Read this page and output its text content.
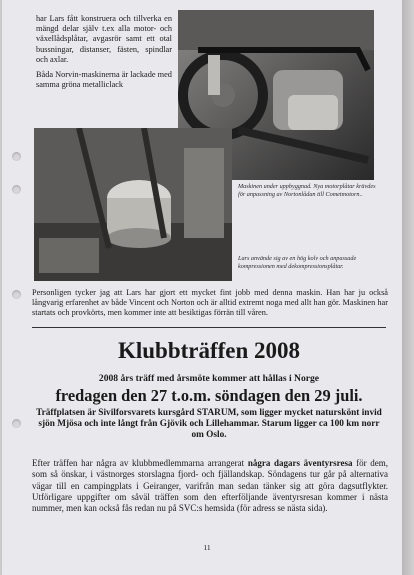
har Lars fått konstruera och tillverka en mängd delar själv t.ex alla motor- och växellådsplåtar, avgasrör samt ett otal bussningar, distanser, fästen, spindlar och axlar.
Båda Norvin-maskinerna är lackade med samma gröna metalliclack
Maskinen under uppbyggnad. Nya motorplåtar krävdes för anpassning av Nortonlådan till Cometmotorn..
Lars använde sig av en hög kolv och anpassade kompressionen med dekompressionsplåtar.
Personligen tycker jag att Lars har gjort ett mycket fint jobb med denna maskin. Han har ju också långvarig erfarenhet av både Vincent och Norton och är alltid extremt noga med allt han gör. Maskinen har startats och provkörts, men kommer inte att besiktigas förrän till våren.
Klubbträffen 2008
2008 års träff med årsmöte kommer att hållas i Norge
fredagen den 27 t.o.m. söndagen den 29 juli.
Träffplatsen är Sivilforsvarets kursgård STARUM, som ligger mycket naturskönt invid sjön Mjösa och inte långt från Gjövik och Lillehammar. Starum ligger ca 100 km norr om Oslo.
Efter träffen har några av klubbmedlemmarna arrangerat några dagars äventyrsresa för dem, som så önskar, i västnorges storslagna fjord- och fjällandskap. Söndagens tur går på alternativa vägar till en campingplats i Geiranger, varifrån man sedan tänker sig att göra dagsutflykter. Utförligare uppgifter om såväl träffen som den efterföljande äventyrsresan kommer i nästa nummer, men kan också fås redan nu på SVC:s hemsida (för adress se nästa sida).
11
